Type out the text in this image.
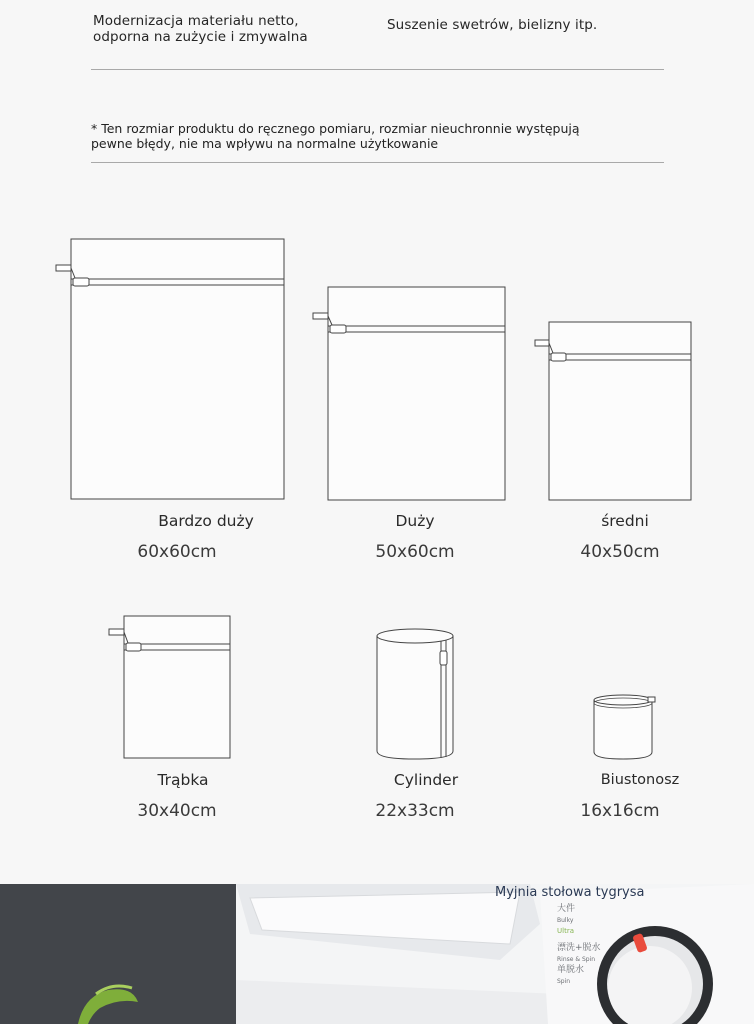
Modernizacja materiału netto,
odporna na zużycie i zmywalna
Suszenie swetrów, bielizny itp.
* Ten rozmiar produktu do ręcznego pomiaru, rozmiar nieuchronnie występują
pewne błędy, nie ma wpływu na normalne użytkowanie
Bardzo duży
60x60cm
Duży
50x60cm
średni
40x50cm
Trąbka
30x40cm
Cylinder
22x33cm
Biustonosz
16x16cm
Myjnia stołowa tygrysa
大件
Bulky
Ultra
漂洗+脱水
Rinse & Spin
单脱水
Spin
